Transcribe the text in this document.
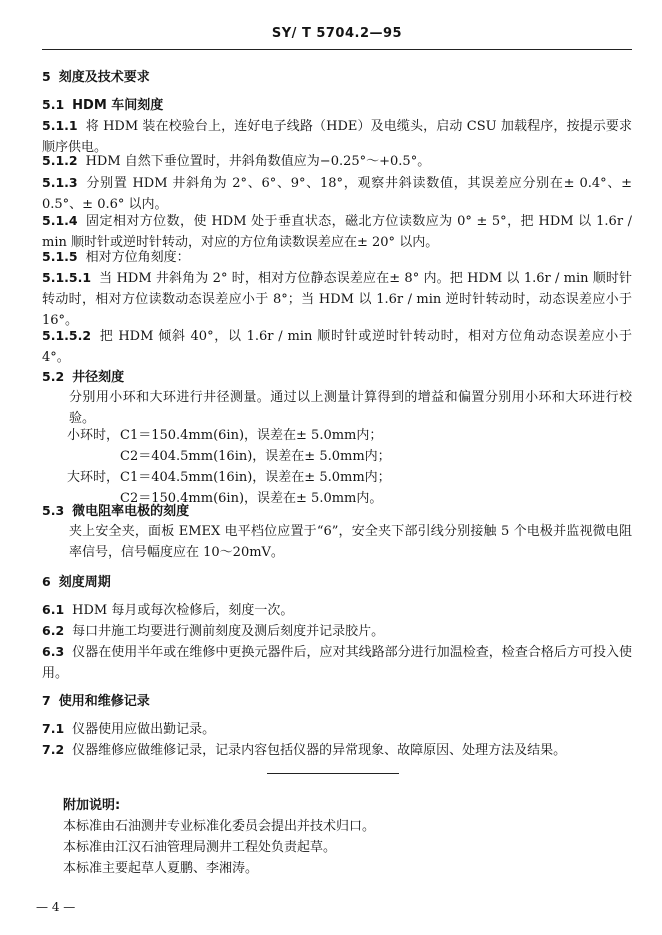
SY/ T 5704.2—95
5 刻度及技术要求
5.1 HDM 车间刻度
5.1.1 将 HDM 装在校验台上，连好电子线路（HDE）及电缆头，启动 CSU 加载程序，按提示要求顺序供电。
5.1.2 HDM 自然下垂位置时，井斜角数值应为−0.25°～+0.5°。
5.1.3 分别置 HDM 井斜角为 2°、6°、9°、18°，观察井斜读数值，其误差应分别在± 0.4°、± 0.5°、± 0.6° 以内。
5.1.4 固定相对方位数，使 HDM 处于垂直状态，磁北方位读数应为 0° ± 5°，把 HDM 以 1.6r / min 顺时针或逆时针转动，对应的方位角读数误差应在± 20° 以内。
5.1.5 相对方位角刻度：
5.1.5.1 当 HDM 井斜角为 2° 时，相对方位静态误差应在± 8° 内。把 HDM 以 1.6r / min 顺时针转动时，相对方位读数动态误差应小于 8°；当 HDM 以 1.6r / min 逆时针转动时，动态误差应小于 16°。
5.1.5.2 把 HDM 倾斜 40°，以 1.6r / min 顺时针或逆时针转动时，相对方位角动态误差应小于 4°。
5.2 井径刻度
分别用小环和大环进行井径测量。通过以上测量计算得到的增益和偏置分别用小环和大环进行校验。
小环时， C1＝150.4mm(6in)，误差在± 5.0mm内；
C2＝404.5mm(16in)，误差在± 5.0mm内；
大环时， C1＝404.5mm(16in)，误差在± 5.0mm内；
C2＝150.4mm(6in)，误差在± 5.0mm内。
5.3 微电阻率电极的刻度
夹上安全夹，面板 EMEX 电平档位应置于“6”，安全夹下部引线分别接触 5 个电极并监视微电阻率信号，信号幅度应在 10～20mV。
6 刻度周期
6.1 HDM 每月或每次检修后，刻度一次。
6.2 每口井施工均要进行测前刻度及测后刻度并记录胶片。
6.3 仪器在使用半年或在维修中更换元器件后，应对其线路部分进行加温检查，检查合格后方可投入使用。
7 使用和维修记录
7.1 仪器使用应做出勤记录。
7.2 仪器维修应做维修记录，记录内容包括仪器的异常现象、故障原因、处理方法及结果。
附加说明:
本标准由石油测井专业标准化委员会提出并技术归口。
本标准由江汉石油管理局测井工程处负责起草。
本标准主要起草人夏鹏、李湘涛。
— 4 —
